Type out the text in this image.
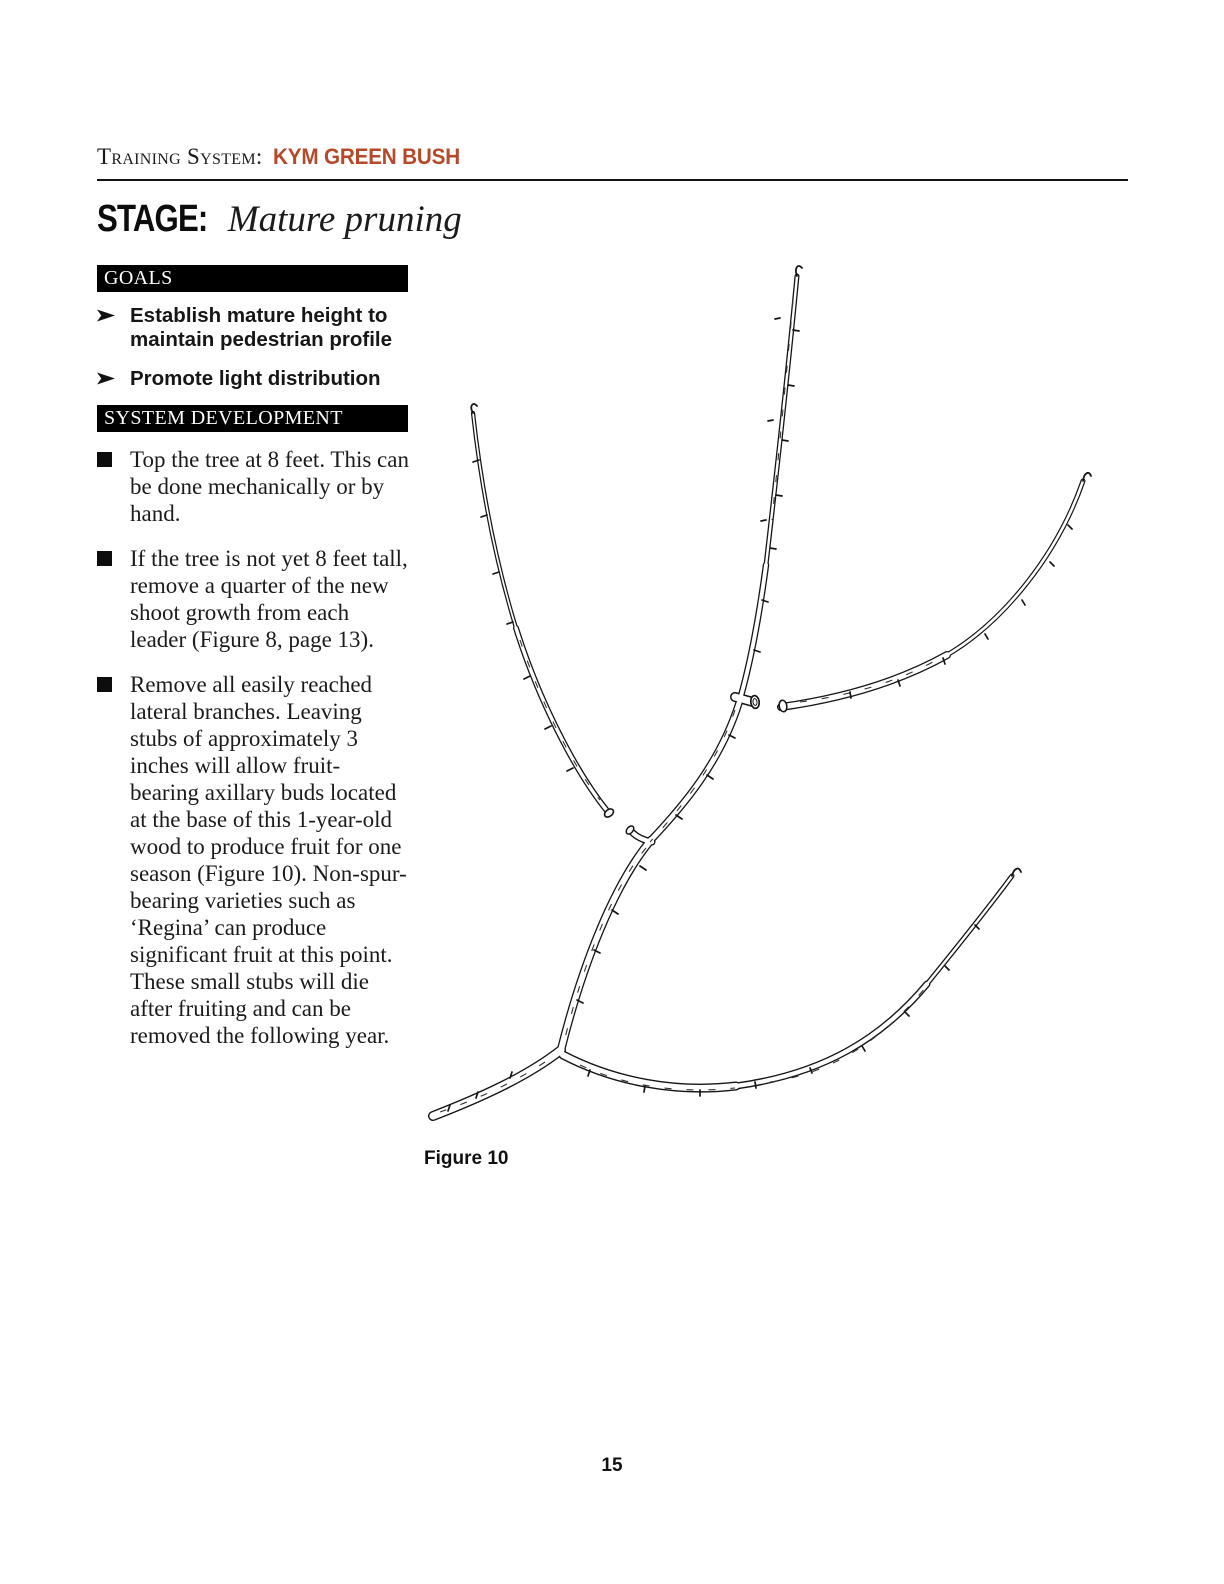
Training System: KYM GREEN BUSH
STAGE: Mature pruning
GOALS
Establish mature height to maintain pedestrian profile
Promote light distribution
SYSTEM DEVELOPMENT
Top the tree at 8 feet. This can be done mechanically or by hand.
If the tree is not yet 8 feet tall, remove a quarter of the new shoot growth from each leader (Figure 8, page 13).
Remove all easily reached lateral branches. Leaving stubs of approximately 3 inches will allow fruit-bearing axillary buds located at the base of this 1-year-old wood to produce fruit for one season (Figure 10). Non-spur-bearing varieties such as ‘Regina’ can produce significant fruit at this point. These small stubs will die after fruiting and can be removed the following year.
Figure 10
15
